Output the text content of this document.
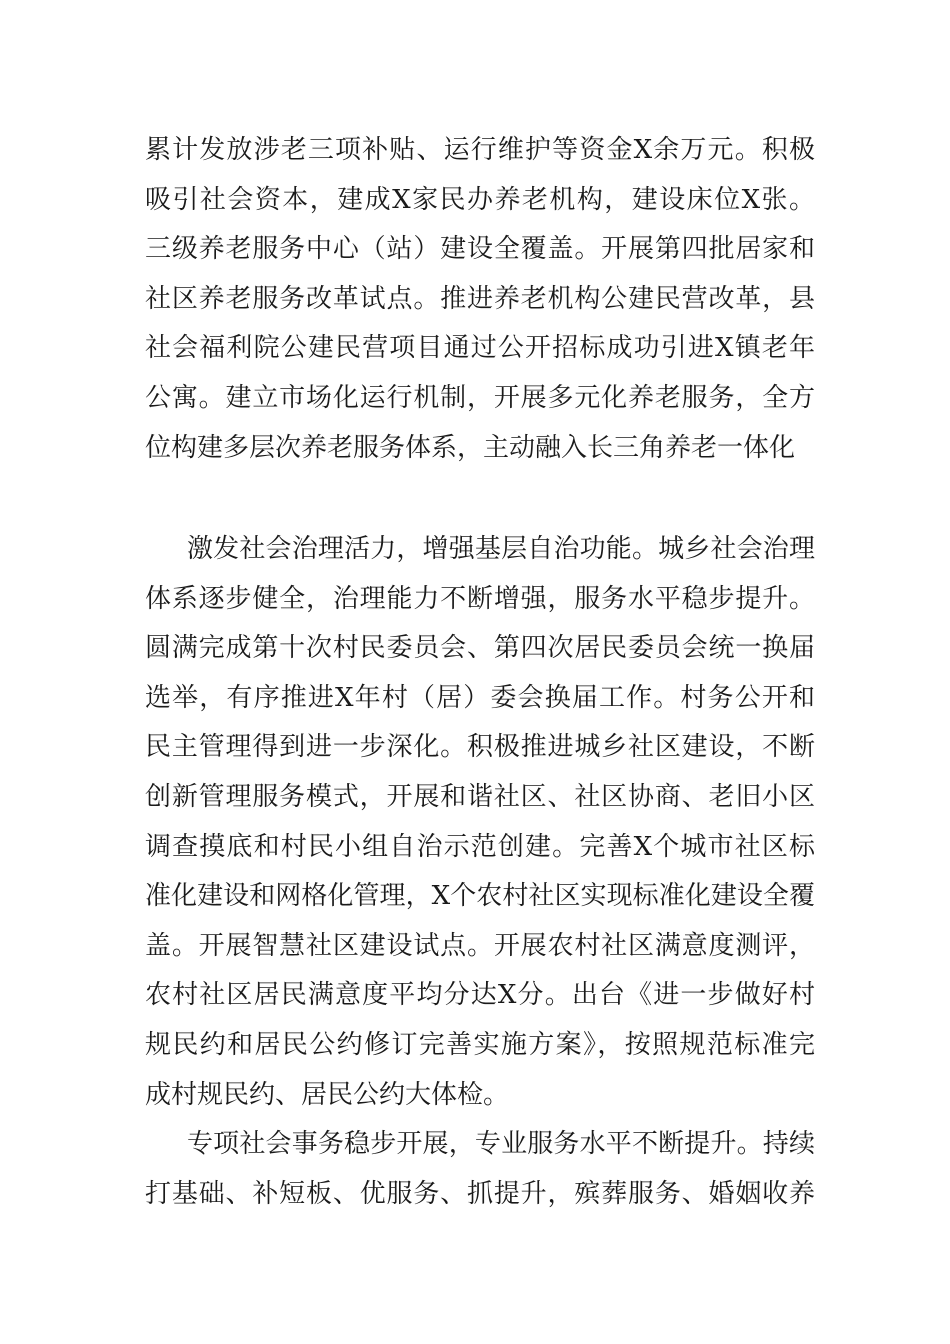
累计发放涉老三项补贴、运行维护等资金X余万元。积极
吸引社会资本，建成X家民办养老机构，建设床位X张。
三级养老服务中心（站）建设全覆盖。开展第四批居家和
社区养老服务改革试点。推进养老机构公建民营改革，县
社会福利院公建民营项目通过公开招标成功引进X镇老年
公寓。建立市场化运行机制，开展多元化养老服务，全方
位构建多层次养老服务体系，主动融入长三角养老一体化
激发社会治理活力，增强基层自治功能。城乡社会治理
体系逐步健全，治理能力不断增强，服务水平稳步提升。
圆满完成第十次村民委员会、第四次居民委员会统一换届
选举，有序推进X年村（居）委会换届工作。村务公开和
民主管理得到进一步深化。积极推进城乡社区建设，不断
创新管理服务模式，开展和谐社区、社区协商、老旧小区
调查摸底和村民小组自治示范创建。完善X个城市社区标
准化建设和网格化管理，X个农村社区实现标准化建设全覆
盖。开展智慧社区建设试点。开展农村社区满意度测评，
农村社区居民满意度平均分达X分。出台《进一步做好村
规民约和居民公约修订完善实施方案》，按照规范标准完
成村规民约、居民公约大体检。
专项社会事务稳步开展，专业服务水平不断提升。持续
打基础、补短板、优服务、抓提升，殡葬服务、婚姻收养
